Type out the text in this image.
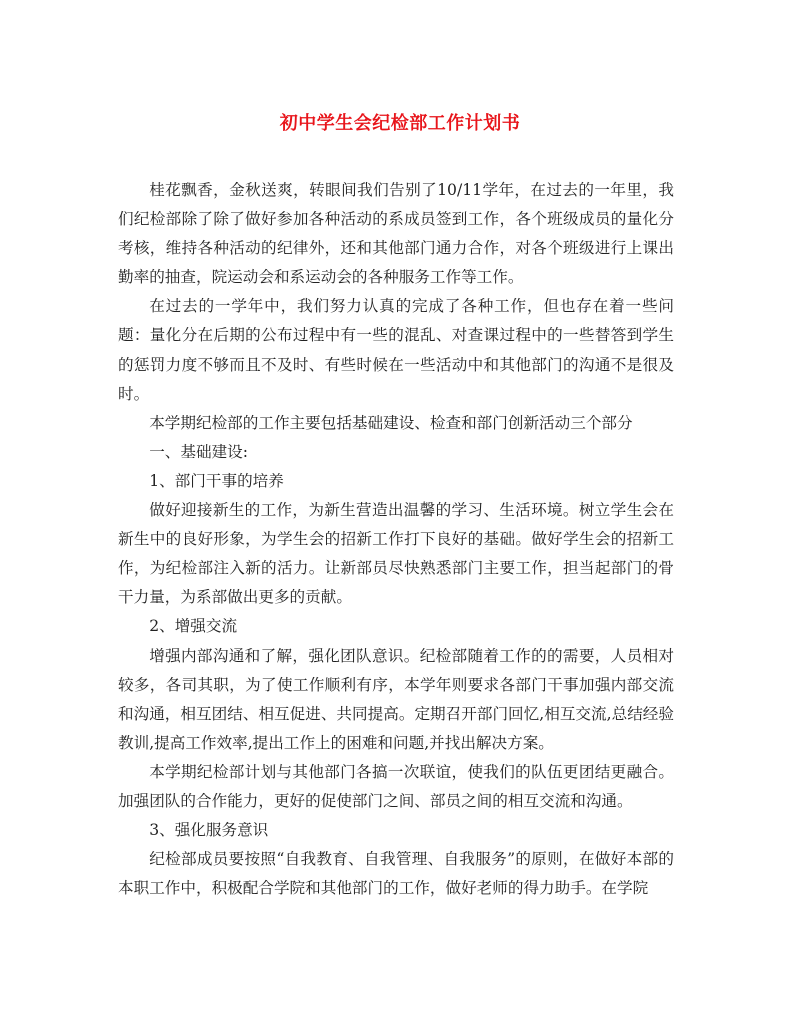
初中学生会纪检部工作计划书

桂花飘香，金秋送爽，转眼间我们告别了10/11学年，在过去的一年里，我们纪检部除了除了做好参加各种活动的系成员签到工作，各个班级成员的量化分考核，维持各种活动的纪律外，还和其他部门通力合作，对各个班级进行上课出勤率的抽查，院运动会和系运动会的各种服务工作等工作。

在过去的一学年中，我们努力认真的完成了各种工作，但也存在着一些问题：量化分在后期的公布过程中有一些的混乱、对查课过程中的一些替答到学生的惩罚力度不够而且不及时、有些时候在一些活动中和其他部门的沟通不是很及时。

本学期纪检部的工作主要包括基础建设、检查和部门创新活动三个部分

一、基础建设:

1、部门干事的培养

做好迎接新生的工作，为新生营造出温馨的学习、生活环境。树立学生会在新生中的良好形象，为学生会的招新工作打下良好的基础。做好学生会的招新工作，为纪检部注入新的活力。让新部员尽快熟悉部门主要工作，担当起部门的骨干力量，为系部做出更多的贡献。

2、增强交流

增强内部沟通和了解，强化团队意识。纪检部随着工作的的需要，人员相对较多，各司其职，为了使工作顺利有序，本学年则要求各部门干事加强内部交流和沟通，相互团结、相互促进、共同提高。定期召开部门回忆,相互交流,总结经验教训,提高工作效率,提出工作上的困难和问题,并找出解决方案。

本学期纪检部计划与其他部门各搞一次联谊，使我们的队伍更团结更融合。加强团队的合作能力，更好的促使部门之间、部员之间的相互交流和沟通。

3、强化服务意识

纪检部成员要按照“自我教育、自我管理、自我服务”的原则，在做好本部的本职工作中，积极配合学院和其他部门的工作，做好老师的得力助手。在学院
